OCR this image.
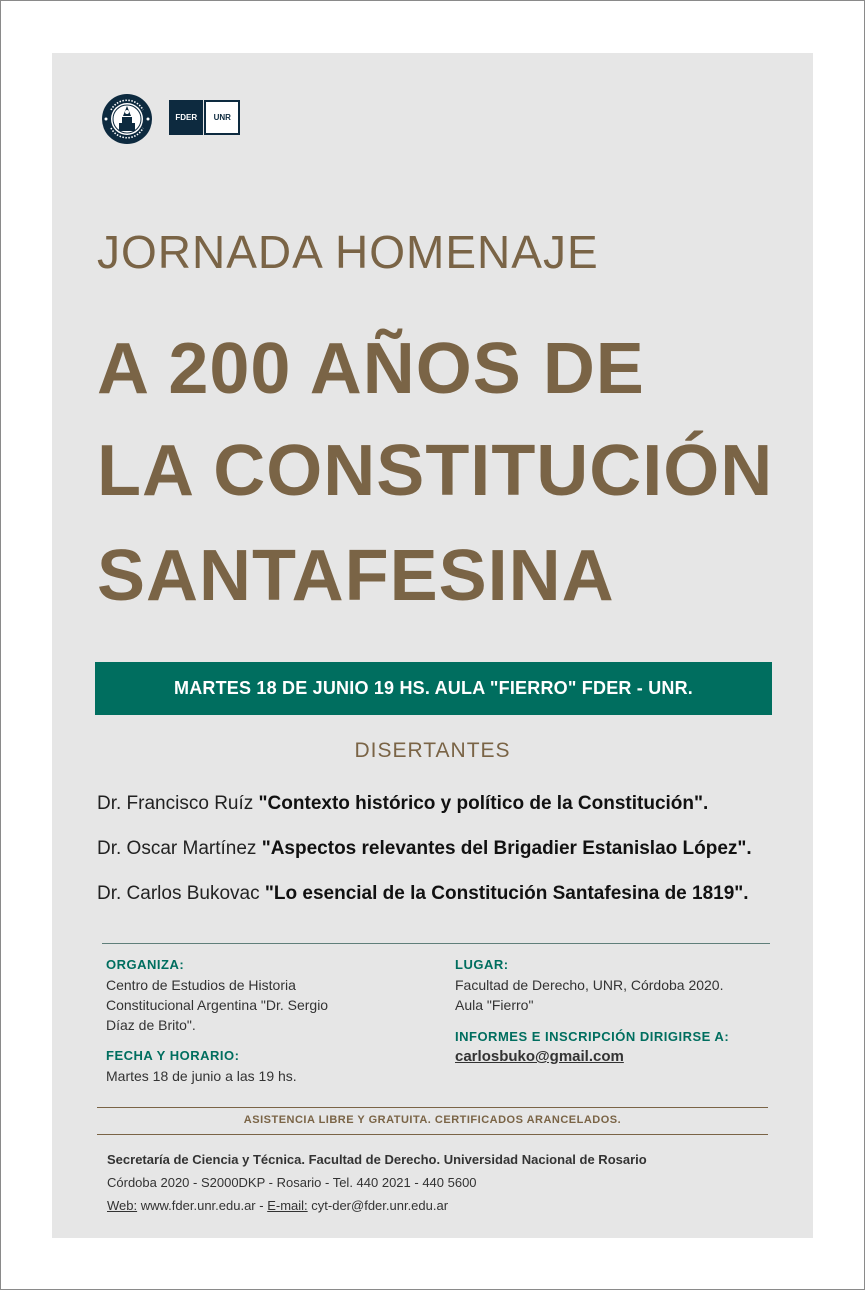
FDER	UNR
JORNADA HOMENAJE
A 200 AÑOS DE
LA CONSTITUCIÓN
SANTAFESINA
MARTES 18 DE JUNIO 19 HS. AULA "FIERRO" FDER - UNR.
DISERTANTES
Dr. Francisco Ruíz "Contexto histórico y político de la Constitución".
Dr. Oscar Martínez "Aspectos relevantes del Brigadier Estanislao López".
Dr. Carlos Bukovac "Lo esencial de la Constitución Santafesina de 1819".
ORGANIZA:
Centro de Estudios de Historia
Constitucional Argentina "Dr. Sergio
Díaz de Brito".
FECHA Y HORARIO:
Martes 18 de junio a las 19 hs.
LUGAR:
Facultad de Derecho, UNR, Córdoba 2020.
Aula "Fierro"
INFORMES E INSCRIPCIÓN DIRIGIRSE A:
carlosbuko@gmail.com
ASISTENCIA LIBRE Y GRATUITA. CERTIFICADOS ARANCELADOS.
Secretaría de Ciencia y Técnica. Facultad de Derecho. Universidad Nacional de Rosario
Córdoba 2020 - S2000DKP - Rosario - Tel. 440 2021 - 440 5600
Web: www.fder.unr.edu.ar - E-mail: cyt-der@fder.unr.edu.ar
